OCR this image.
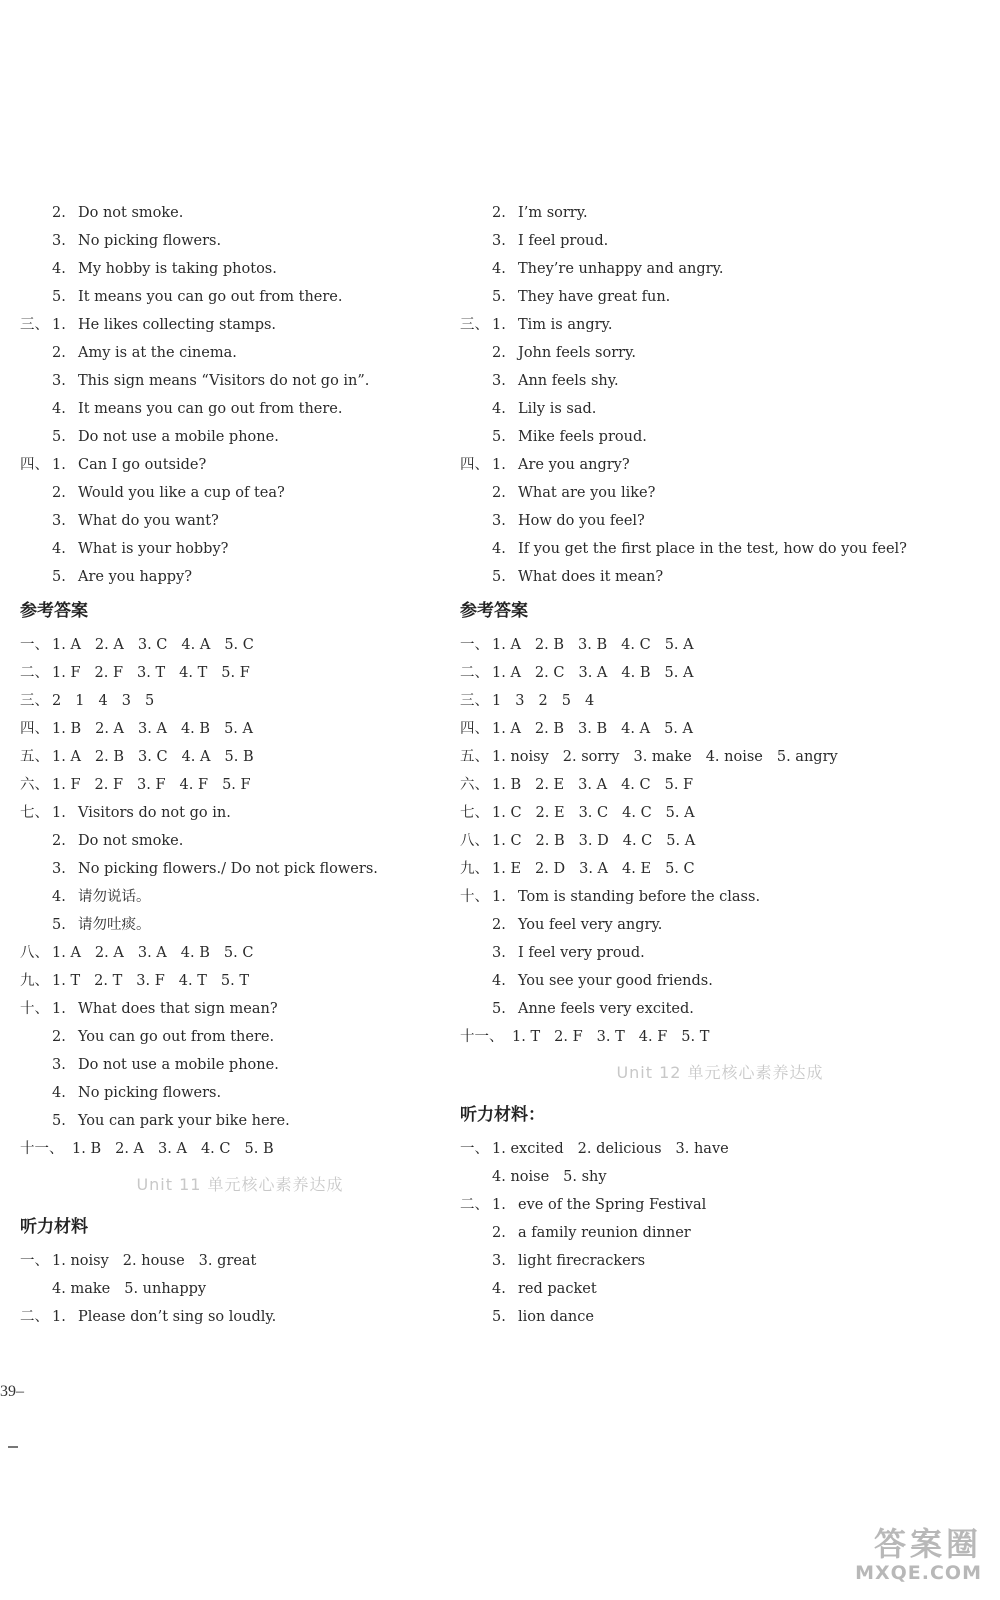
2. Do not smoke.
3. No picking flowers.
4. My hobby is taking photos.
5. It means you can go out from there.
三、 1. He likes collecting stamps.
2. Amy is at the cinema.
3. This sign means “Visitors do not go in”.
4. It means you can go out from there.
5. Do not use a mobile phone.
四、 1. Can I go outside?
2. Would you like a cup of tea?
3. What do you want?
4. What is your hobby?
5. Are you happy?
参考答案
一、 1. A 2. A 3. C 4. A 5. C
二、 1. F 2. F 3. T 4. T 5. F
三、 2 1 4 3 5
四、 1. B 2. A 3. A 4. B 5. A
五、 1. A 2. B 3. C 4. A 5. B
六、 1. F 2. F 3. F 4. F 5. F
七、 1. Visitors do not go in.
2. Do not smoke.
3. No picking flowers./ Do not pick flowers.
4. 请勿说话。
5. 请勿吐痰。
八、 1. A 2. A 3. A 4. B 5. C
九、 1. T 2. T 3. F 4. T 5. T
十、 1. What does that sign mean?
2. You can go out from there.
3. Do not use a mobile phone.
4. No picking flowers.
5. You can park your bike here.
十一、 1. B 2. A 3. A 4. C 5. B
Unit 11 单元核心素养达成
听力材料
一、 1. noisy 2. house 3. great
4. make 5. unhappy
二、 1. Please don’t sing so loudly.
2. I’m sorry.
3. I feel proud.
4. They’re unhappy and angry.
5. They have great fun.
三、 1. Tim is angry.
2. John feels sorry.
3. Ann feels shy.
4. Lily is sad.
5. Mike feels proud.
四、 1. Are you angry?
2. What are you like?
3. How do you feel?
4. If you get the first place in the test, how do you feel?
5. What does it mean?
参考答案
一、 1. A 2. B 3. B 4. C 5. A
二、 1. A 2. C 3. A 4. B 5. A
三、 1 3 2 5 4
四、 1. A 2. B 3. B 4. A 5. A
五、 1. noisy 2. sorry 3. make 4. noise 5. angry
六、 1. B 2. E 3. A 4. C 5. F
七、 1. C 2. E 3. C 4. C 5. A
八、 1. C 2. B 3. D 4. C 5. A
九、 1. E 2. D 3. A 4. E 5. C
十、 1. Tom is standing before the class.
2. You feel very angry.
3. I feel very proud.
4. You see your good friends.
5. Anne feels very excited.
十一、 1. T 2. F 3. T 4. F 5. T
Unit 12 单元核心素养达成
听力材料：
一、 1. excited 2. delicious 3. have
4. noise 5. shy
二、 1. eve of the Spring Festival
2. a family reunion dinner
3. light firecrackers
4. red packet
5. lion dance
39–
答案圈
MXQE.COM
